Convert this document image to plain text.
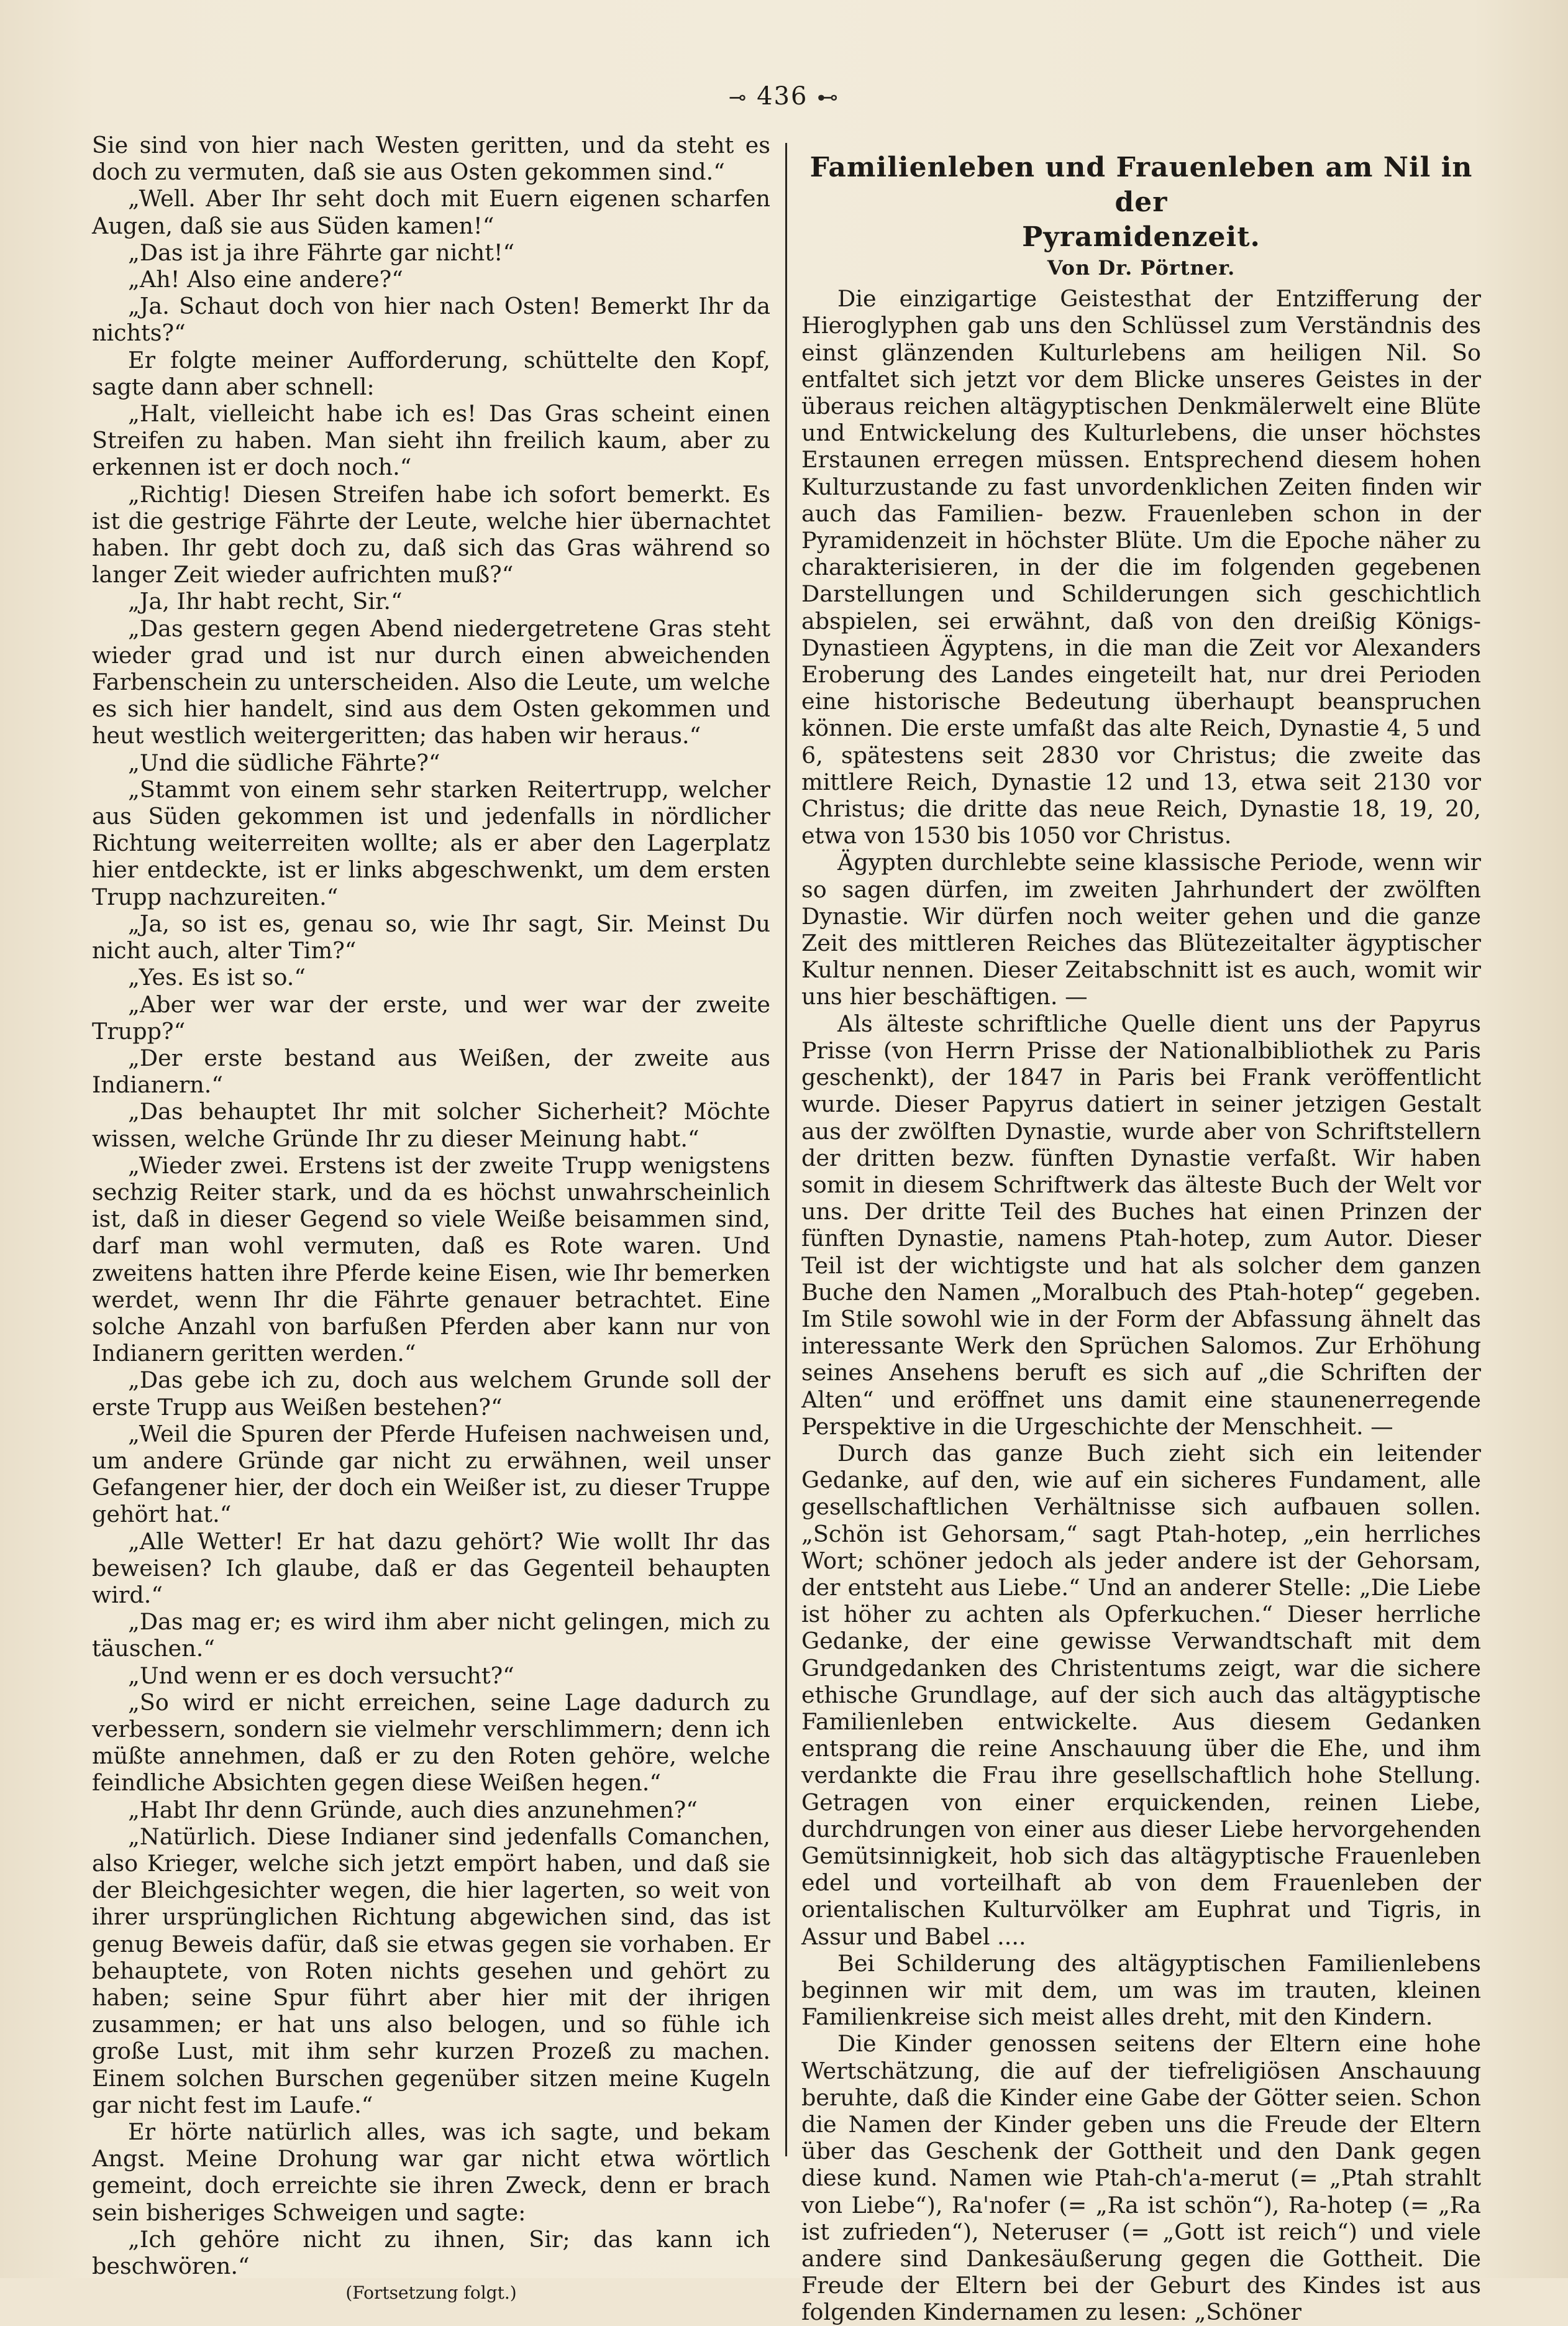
⊸ 436 ⊷

Sie sind von hier nach Westen geritten, und da steht es doch zu vermuten, daß sie aus Osten gekommen sind.“

„Well. Aber Ihr seht doch mit Euern eigenen scharfen Augen, daß sie aus Süden kamen!“

„Das ist ja ihre Fährte gar nicht!“

„Ah! Also eine andere?“

„Ja. Schaut doch von hier nach Osten! Bemerkt Ihr da nichts?“

Er folgte meiner Aufforderung, schüttelte den Kopf, sagte dann aber schnell:

„Halt, vielleicht habe ich es! Das Gras scheint einen Streifen zu haben. Man sieht ihn freilich kaum, aber zu erkennen ist er doch noch.“

„Richtig! Diesen Streifen habe ich sofort bemerkt. Es ist die gestrige Fährte der Leute, welche hier übernachtet haben. Ihr gebt doch zu, daß sich das Gras während so langer Zeit wieder aufrichten muß?“

„Ja, Ihr habt recht, Sir.“

„Das gestern gegen Abend niedergetretene Gras steht wieder grad und ist nur durch einen abweichenden Farbenschein zu unterscheiden. Also die Leute, um welche es sich hier handelt, sind aus dem Osten gekommen und heut westlich weitergeritten; das haben wir heraus.“

„Und die südliche Fährte?“

„Stammt von einem sehr starken Reitertrupp, welcher aus Süden gekommen ist und jedenfalls in nördlicher Richtung weiterreiten wollte; als er aber den Lagerplatz hier entdeckte, ist er links abgeschwenkt, um dem ersten Trupp nachzureiten.“

„Ja, so ist es, genau so, wie Ihr sagt, Sir. Meinst Du nicht auch, alter Tim?“

„Yes. Es ist so.“

„Aber wer war der erste, und wer war der zweite Trupp?“

„Der erste bestand aus Weißen, der zweite aus Indianern.“

„Das behauptet Ihr mit solcher Sicherheit? Möchte wissen, welche Gründe Ihr zu dieser Meinung habt.“

„Wieder zwei. Erstens ist der zweite Trupp wenigstens sechzig Reiter stark, und da es höchst unwahrscheinlich ist, daß in dieser Gegend so viele Weiße beisammen sind, darf man wohl vermuten, daß es Rote waren. Und zweitens hatten ihre Pferde keine Eisen, wie Ihr bemerken werdet, wenn Ihr die Fährte genauer betrachtet. Eine solche Anzahl von barfußen Pferden aber kann nur von Indianern geritten werden.“

„Das gebe ich zu, doch aus welchem Grunde soll der erste Trupp aus Weißen bestehen?“

„Weil die Spuren der Pferde Hufeisen nachweisen und, um andere Gründe gar nicht zu erwähnen, weil unser Gefangener hier, der doch ein Weißer ist, zu dieser Truppe gehört hat.“

„Alle Wetter! Er hat dazu gehört? Wie wollt Ihr das beweisen? Ich glaube, daß er das Gegenteil behaupten wird.“

„Das mag er; es wird ihm aber nicht gelingen, mich zu täuschen.“

„Und wenn er es doch versucht?“

„So wird er nicht erreichen, seine Lage dadurch zu verbessern, sondern sie vielmehr verschlimmern; denn ich müßte annehmen, daß er zu den Roten gehöre, welche feindliche Absichten gegen diese Weißen hegen.“

„Habt Ihr denn Gründe, auch dies anzunehmen?“

„Natürlich. Diese Indianer sind jedenfalls Comanchen, also Krieger, welche sich jetzt empört haben, und daß sie der Bleichgesichter wegen, die hier lagerten, so weit von ihrer ursprünglichen Richtung abgewichen sind, das ist genug Beweis dafür, daß sie etwas gegen sie vorhaben. Er behauptete, von Roten nichts gesehen und gehört zu haben; seine Spur führt aber hier mit der ihrigen zusammen; er hat uns also belogen, und so fühle ich große Lust, mit ihm sehr kurzen Prozeß zu machen. Einem solchen Burschen gegenüber sitzen meine Kugeln gar nicht fest im Laufe.“

Er hörte natürlich alles, was ich sagte, und bekam Angst. Meine Drohung war gar nicht etwa wörtlich gemeint, doch erreichte sie ihren Zweck, denn er brach sein bisheriges Schweigen und sagte:

„Ich gehöre nicht zu ihnen, Sir; das kann ich beschwören.“

(Fortsetzung folgt.)

Familienleben und Frauenleben am Nil in der
Pyramidenzeit.
Von Dr. Pörtner.

Die einzigartige Geistesthat der Entzifferung der Hieroglyphen gab uns den Schlüssel zum Verständnis des einst glänzenden Kulturlebens am heiligen Nil. So entfaltet sich jetzt vor dem Blicke unseres Geistes in der überaus reichen altägyptischen Denkmälerwelt eine Blüte und Entwickelung des Kulturlebens, die unser höchstes Erstaunen erregen müssen. Entsprechend diesem hohen Kulturzustande zu fast unvordenklichen Zeiten finden wir auch das Familien- bezw. Frauenleben schon in der Pyramidenzeit in höchster Blüte. Um die Epoche näher zu charakterisieren, in der die im folgenden gegebenen Darstellungen und Schilderungen sich geschichtlich abspielen, sei erwähnt, daß von den dreißig Königs-Dynastieen Ägyptens, in die man die Zeit vor Alexanders Eroberung des Landes eingeteilt hat, nur drei Perioden eine historische Bedeutung überhaupt beanspruchen können. Die erste umfaßt das alte Reich, Dynastie 4, 5 und 6, spätestens seit 2830 vor Christus; die zweite das mittlere Reich, Dynastie 12 und 13, etwa seit 2130 vor Christus; die dritte das neue Reich, Dynastie 18, 19, 20, etwa von 1530 bis 1050 vor Christus.

Ägypten durchlebte seine klassische Periode, wenn wir so sagen dürfen, im zweiten Jahrhundert der zwölften Dynastie. Wir dürfen noch weiter gehen und die ganze Zeit des mittleren Reiches das Blütezeitalter ägyptischer Kultur nennen. Dieser Zeitabschnitt ist es auch, womit wir uns hier beschäftigen. —

Als älteste schriftliche Quelle dient uns der Papyrus Prisse (von Herrn Prisse der Nationalbibliothek zu Paris geschenkt), der 1847 in Paris bei Frank veröffentlicht wurde. Dieser Papyrus datiert in seiner jetzigen Gestalt aus der zwölften Dynastie, wurde aber von Schriftstellern der dritten bezw. fünften Dynastie verfaßt. Wir haben somit in diesem Schriftwerk das älteste Buch der Welt vor uns. Der dritte Teil des Buches hat einen Prinzen der fünften Dynastie, namens Ptah-hotep, zum Autor. Dieser Teil ist der wichtigste und hat als solcher dem ganzen Buche den Namen „Moralbuch des Ptah-hotep“ gegeben. Im Stile sowohl wie in der Form der Abfassung ähnelt das interessante Werk den Sprüchen Salomos. Zur Erhöhung seines Ansehens beruft es sich auf „die Schriften der Alten“ und eröffnet uns damit eine staunenerregende Perspektive in die Urgeschichte der Menschheit. —

Durch das ganze Buch zieht sich ein leitender Gedanke, auf den, wie auf ein sicheres Fundament, alle gesellschaftlichen Verhältnisse sich aufbauen sollen. „Schön ist Gehorsam,“ sagt Ptah-hotep, „ein herrliches Wort; schöner jedoch als jeder andere ist der Gehorsam, der entsteht aus Liebe.“ Und an anderer Stelle: „Die Liebe ist höher zu achten als Opferkuchen.“ Dieser herrliche Gedanke, der eine gewisse Verwandtschaft mit dem Grundgedanken des Christentums zeigt, war die sichere ethische Grundlage, auf der sich auch das altägyptische Familienleben entwickelte. Aus diesem Gedanken entsprang die reine Anschauung über die Ehe, und ihm verdankte die Frau ihre gesellschaftlich hohe Stellung. Getragen von einer erquickenden, reinen Liebe, durchdrungen von einer aus dieser Liebe hervorgehenden Gemütsinnigkeit, hob sich das altägyptische Frauenleben edel und vorteilhaft ab von dem Frauenleben der orientalischen Kulturvölker am Euphrat und Tigris, in Assur und Babel ....

Bei Schilderung des altägyptischen Familienlebens beginnen wir mit dem, um was im trauten, kleinen Familienkreise sich meist alles dreht, mit den Kindern.

Die Kinder genossen seitens der Eltern eine hohe Wertschätzung, die auf der tiefreligiösen Anschauung beruhte, daß die Kinder eine Gabe der Götter seien. Schon die Namen der Kinder geben uns die Freude der Eltern über das Geschenk der Gottheit und den Dank gegen diese kund. Namen wie Ptah-ch'a-merut (= „Ptah strahlt von Liebe“), Ra'nofer (= „Ra ist schön“), Ra-hotep (= „Ra ist zufrieden“), Neteruser (= „Gott ist reich“) und viele andere sind Dankesäußerung gegen die Gottheit. Die Freude der Eltern bei der Geburt des Kindes ist aus folgenden Kindernamen zu lesen: „Schöner
